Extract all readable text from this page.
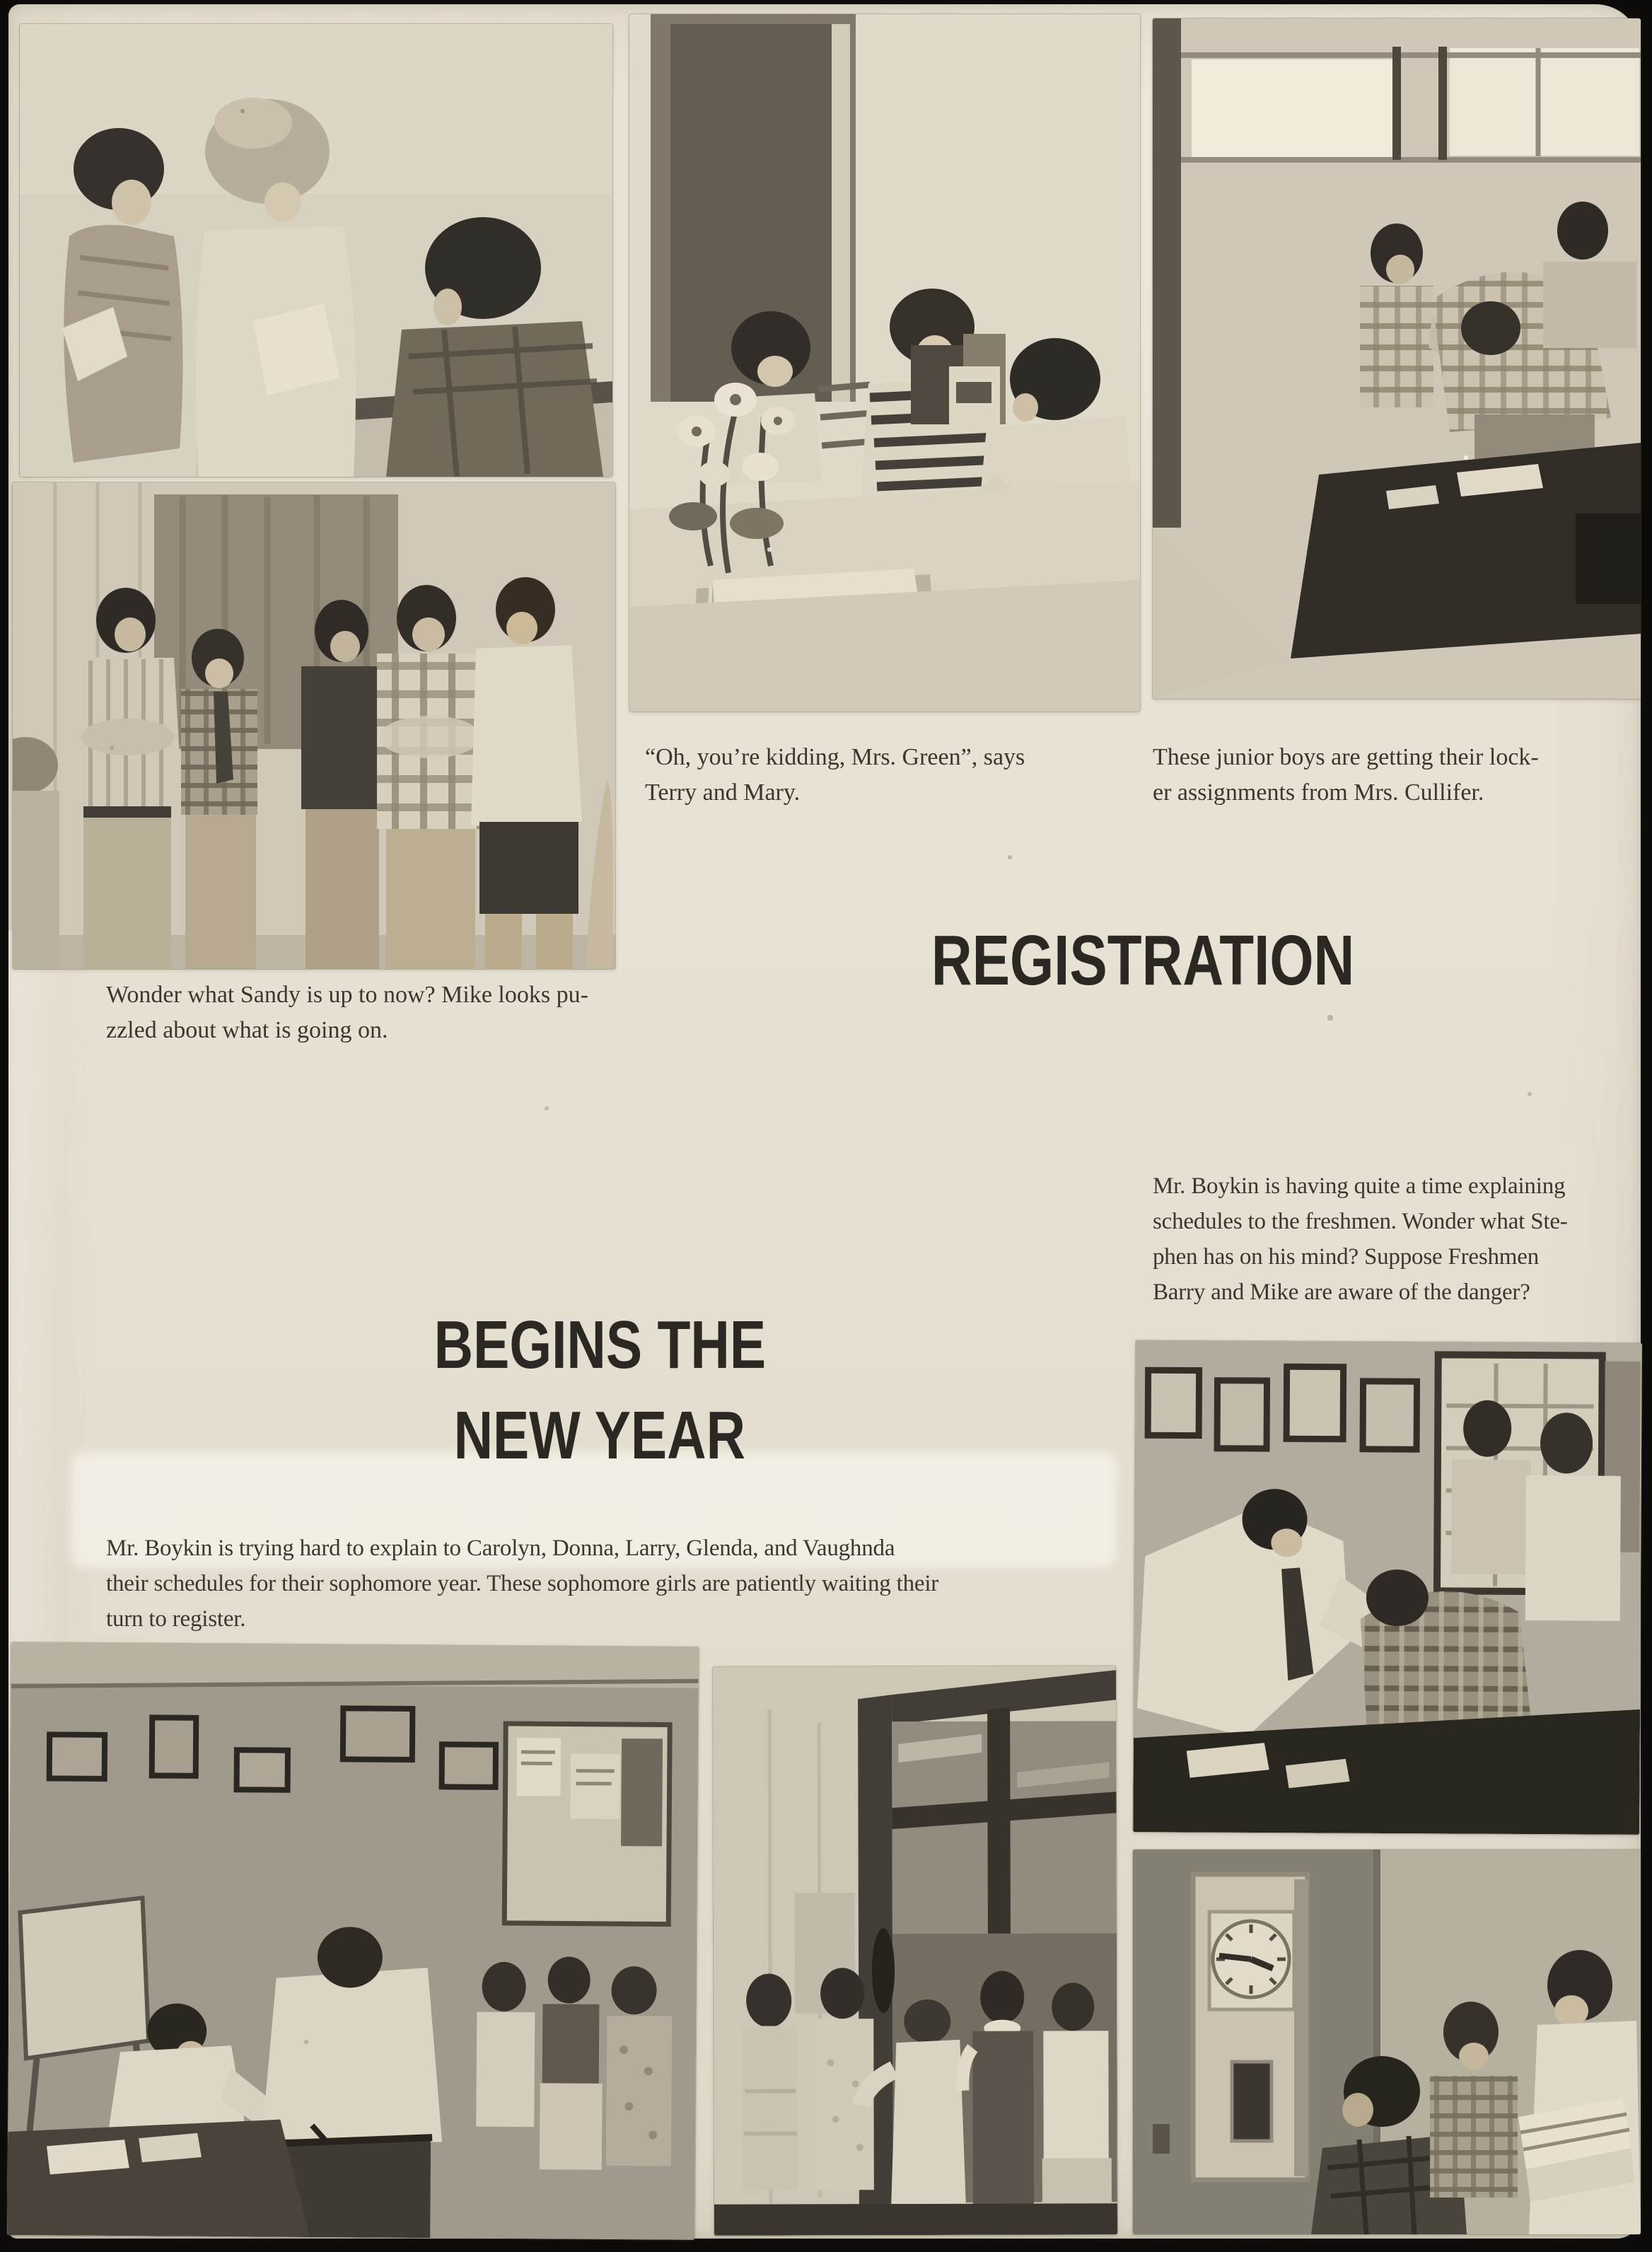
Wonder what Sandy is up to now? Mike looks pu-
zzled about what is going on.
“Oh, you’re kidding, Mrs. Green”, says
Terry and Mary.
These junior boys are getting their lock-
er assignments from Mrs. Cullifer.
REGISTRATION
BEGINS THE
NEW YEAR
Mr. Boykin is having quite a time explaining
schedules to the freshmen. Wonder what Ste-
phen has on his mind? Suppose Freshmen
Barry and Mike are aware of the danger?
Mr. Boykin is trying hard to explain to Carolyn, Donna, Larry, Glenda, and Vaughnda
their schedules for their sophomore year. These sophomore girls are patiently waiting their
turn to register.
